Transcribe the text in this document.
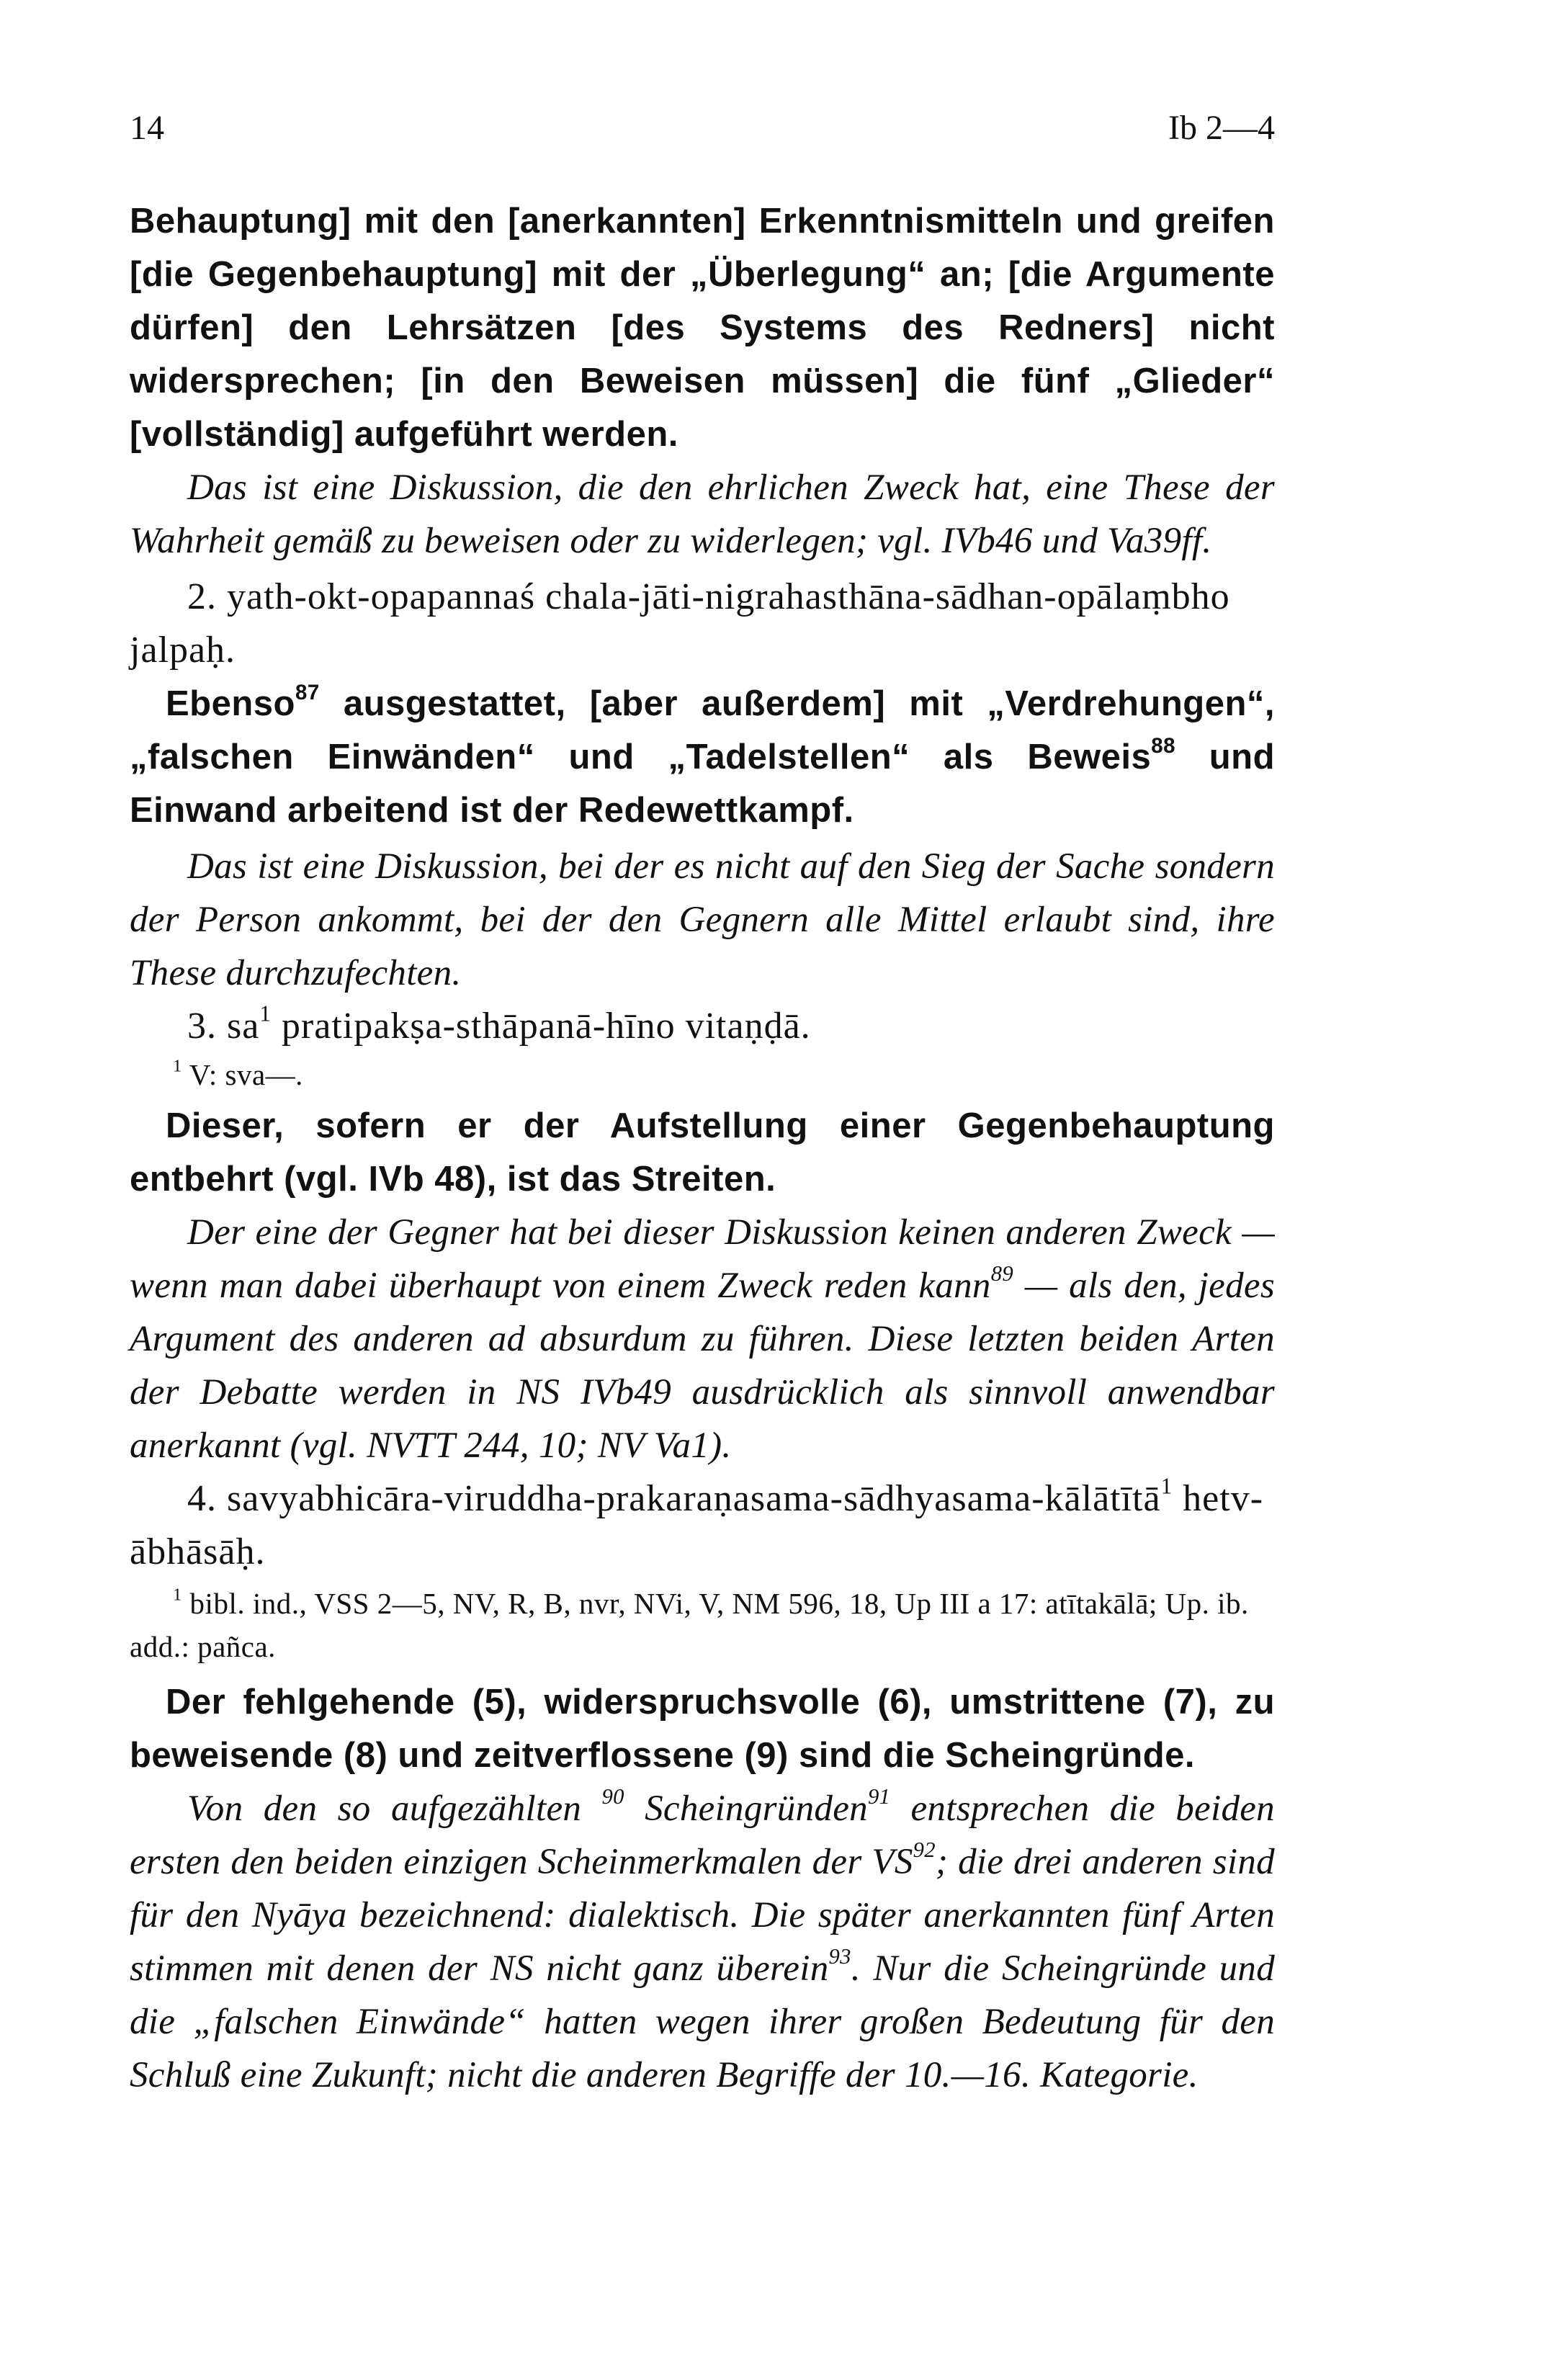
14	Ib 2—4

Behauptung] mit den [anerkannten] Erkenntnismitteln und greifen [die Gegenbehauptung] mit der „Überlegung“ an; [die Argumente dürfen] den Lehrsätzen [des Systems des Redners] nicht widersprechen; [in den Beweisen müssen] die fünf „Glieder“ [vollständig] aufgeführt werden.

Das ist eine Diskussion, die den ehrlichen Zweck hat, eine These der Wahrheit gemäß zu beweisen oder zu widerlegen; vgl. IVb46 und Va39ff.

2. yath-okt-opapannaś chala-jāti-nigrahasthāna-sādhan-opālaṃbho jalpaḥ.

Ebenso$^{87}$ ausgestattet, [aber außerdem] mit „Verdrehungen“, „falschen Einwänden“ und „Tadelstellen“ als Beweis$^{88}$ und Einwand arbeitend ist der Redewettkampf.

Das ist eine Diskussion, bei der es nicht auf den Sieg der Sache sondern der Person ankommt, bei der den Gegnern alle Mittel erlaubt sind, ihre These durchzufechten.

3. $sa^1$ pratipakṣa-sthāpanā-hīno vitaṇḍā.

$^1$ V: sva—.

Dieser, sofern er der Aufstellung einer Gegenbehauptung entbehrt (vgl. IVb 48), ist das Streiten.

Der eine der Gegner hat bei dieser Diskussion keinen anderen Zweck — wenn man dabei überhaupt von einem Zweck reden kann$^{89}$ — als den, jedes Argument des anderen ad absurdum zu führen. Diese letzten beiden Arten der Debatte werden in NS IVb49 ausdrücklich als sinnvoll anwendbar anerkannt (vgl. NVTT 244, 10; NV Va1).

4. savyabhicāra-viruddha-prakaraṇasama-sādhyasama-kālātītā$^1$ hetv-ābhāsāḥ.

$^1$ bibl. ind., VSS 2—5, NV, R, B, nvr, NVi, V, NM 596, 18, Up III a 17: atītakālā; Up. ib. add.: pañca.

Der fehlgehende (5), widerspruchsvolle (6), umstrittene (7), zu beweisende (8) und zeitverflossene (9) sind die Scheingründe.

Von den so aufgezählten $^{90}$ Scheingründen$^{91}$ entsprechen die beiden ersten den beiden einzigen Scheinmerkmalen der VS$^{92}$; die drei anderen sind für den Nyāya bezeichnend: dialektisch. Die später anerkannten fünf Arten stimmen mit denen der NS nicht ganz überein$^{93}$. Nur die Scheingründe und die „falschen Einwände“ hatten wegen ihrer großen Bedeutung für den Schluß eine Zukunft; nicht die anderen Begriffe der 10.—16. Kategorie.
